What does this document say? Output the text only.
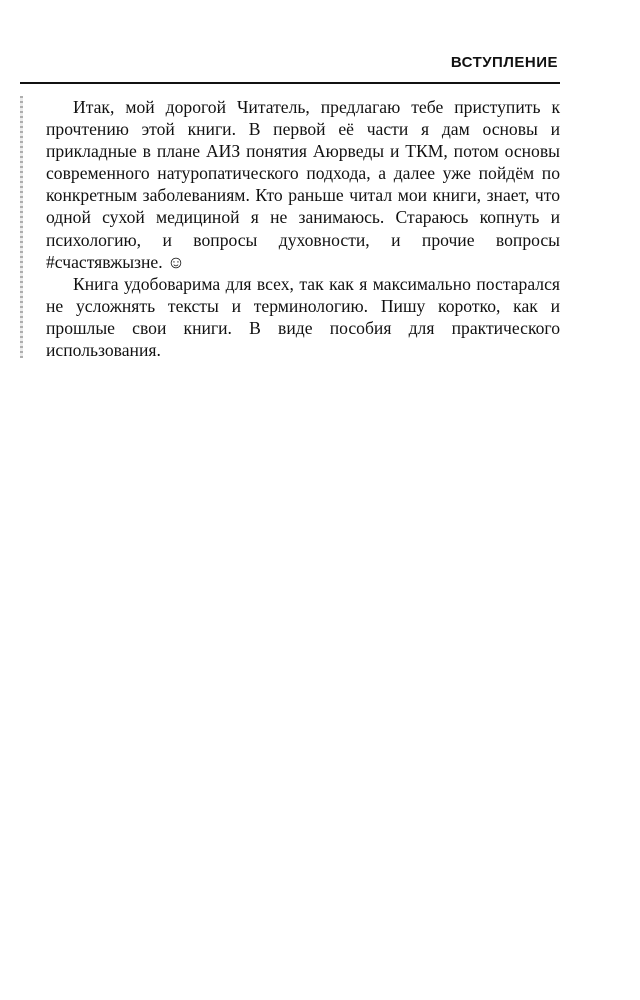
ВСТУПЛЕНИЕ

Итак, мой дорогой Читатель, предлагаю тебе приступить к прочтению этой книги. В первой её части я дам основы и прикладные в плане АИЗ понятия Аюрведы и ТКМ, потом основы современного натуропатического подхода, а далее уже пойдём по конкретным заболеваниям. Кто раньше читал мои книги, знает, что одной сухой медициной я не занимаюсь. Стараюсь копнуть и психологию, и вопросы духовности, и прочие вопросы #счастявжызне. ☺

Книга удобоварима для всех, так как я максимально постарался не усложнять тексты и терминологию. Пишу коротко, как и прошлые свои книги. В виде пособия для практического использования.
